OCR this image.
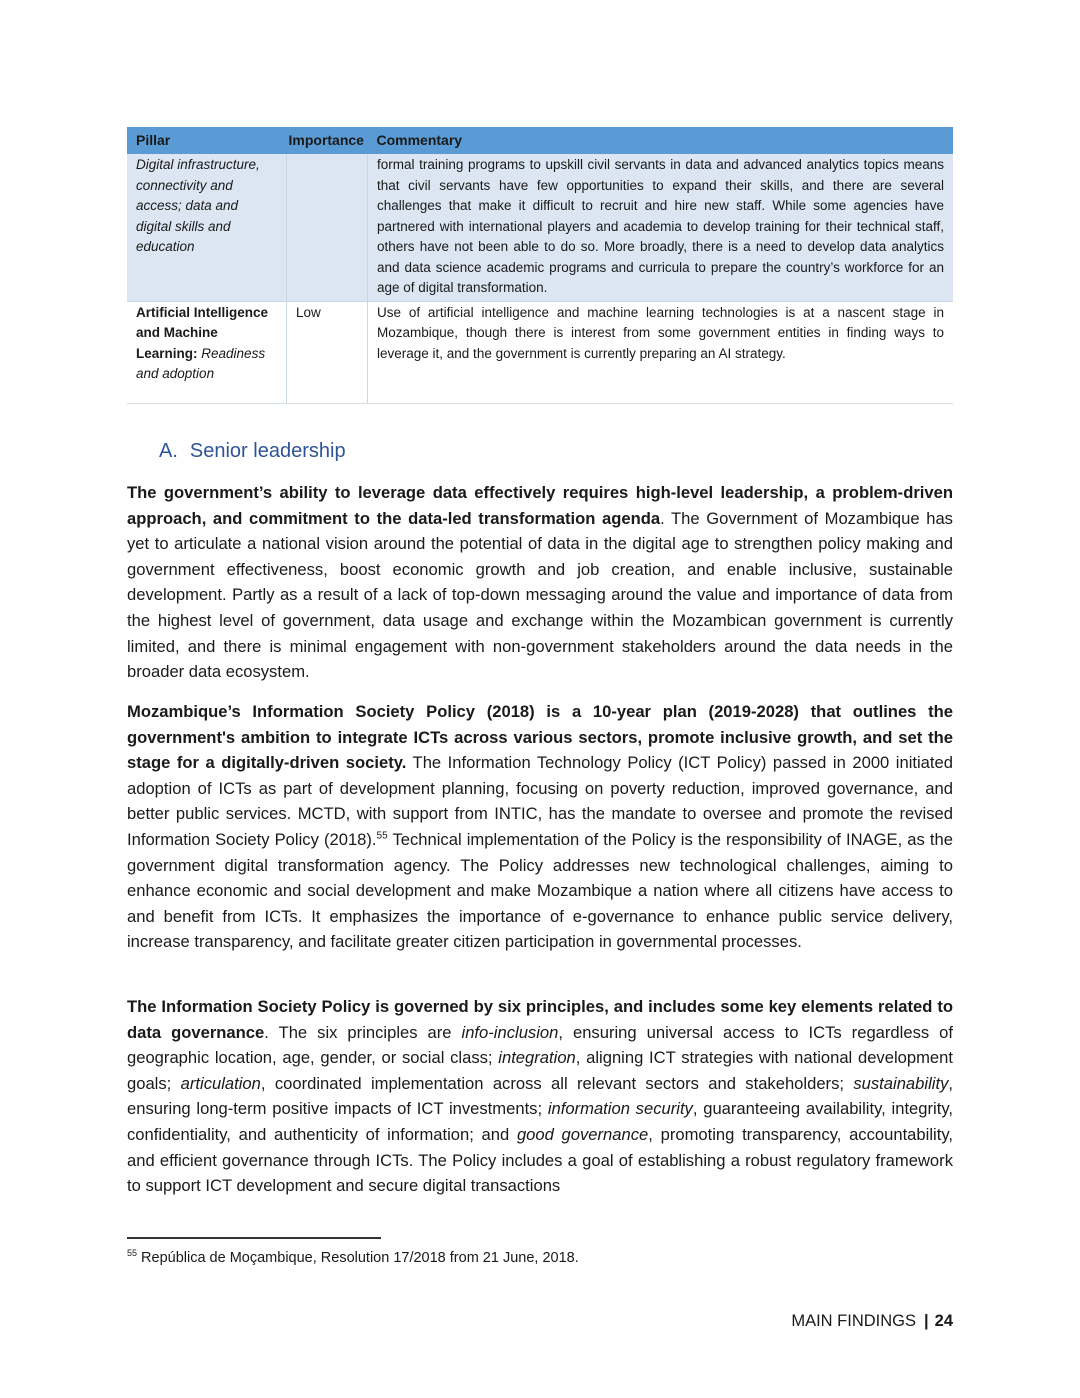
Pillar	Importance	Commentary
Digital infrastructure, connectivity and access; data and digital skills and education		formal training programs to upskill civil servants in data and advanced analytics topics means that civil servants have few opportunities to expand their skills, and there are several challenges that make it difficult to recruit and hire new staff. While some agencies have partnered with international players and academia to develop training for their technical staff, others have not been able to do so. More broadly, there is a need to develop data analytics and data science academic programs and curricula to prepare the country’s workforce for an age of digital transformation.
Artificial Intelligence and Machine Learning: Readiness and adoption	Low	Use of artificial intelligence and machine learning technologies is at a nascent stage in Mozambique, though there is interest from some government entities in finding ways to leverage it, and the government is currently preparing an AI strategy.
A. Senior leadership

The government’s ability to leverage data effectively requires high-level leadership, a problem-driven approach, and commitment to the data-led transformation agenda. The Government of Mozambique has yet to articulate a national vision around the potential of data in the digital age to strengthen policy making and government effectiveness, boost economic growth and job creation, and enable inclusive, sustainable development. Partly as a result of a lack of top-down messaging around the value and importance of data from the highest level of government, data usage and exchange within the Mozambican government is currently limited, and there is minimal engagement with non-government stakeholders around the data needs in the broader data ecosystem.

Mozambique’s Information Society Policy (2018) is a 10-year plan (2019-2028) that outlines the government's ambition to integrate ICTs across various sectors, promote inclusive growth, and set the stage for a digitally-driven society. The Information Technology Policy (ICT Policy) passed in 2000 initiated adoption of ICTs as part of development planning, focusing on poverty reduction, improved governance, and better public services. MCTD, with support from INTIC, has the mandate to oversee and promote the revised Information Society Policy (2018).$^{55}$ Technical implementation of the Policy is the responsibility of INAGE, as the government digital transformation agency. The Policy addresses new technological challenges, aiming to enhance economic and social development and make Mozambique a nation where all citizens have access to and benefit from ICTs. It emphasizes the importance of e-governance to enhance public service delivery, increase transparency, and facilitate greater citizen participation in governmental processes.

The Information Society Policy is governed by six principles, and includes some key elements related to data governance. The six principles are info-inclusion, ensuring universal access to ICTs regardless of geographic location, age, gender, or social class; integration, aligning ICT strategies with national development goals; articulation, coordinated implementation across all relevant sectors and stakeholders; sustainability, ensuring long-term positive impacts of ICT investments; information security, guaranteeing availability, integrity, confidentiality, and authenticity of information; and good governance, promoting transparency, accountability, and efficient governance through ICTs. The Policy includes a goal of establishing a robust regulatory framework to support ICT development and secure digital transactions

$^{55}$ República de Moçambique, Resolution 17/2018 from 21 June, 2018.
MAIN FINDINGS | 24
